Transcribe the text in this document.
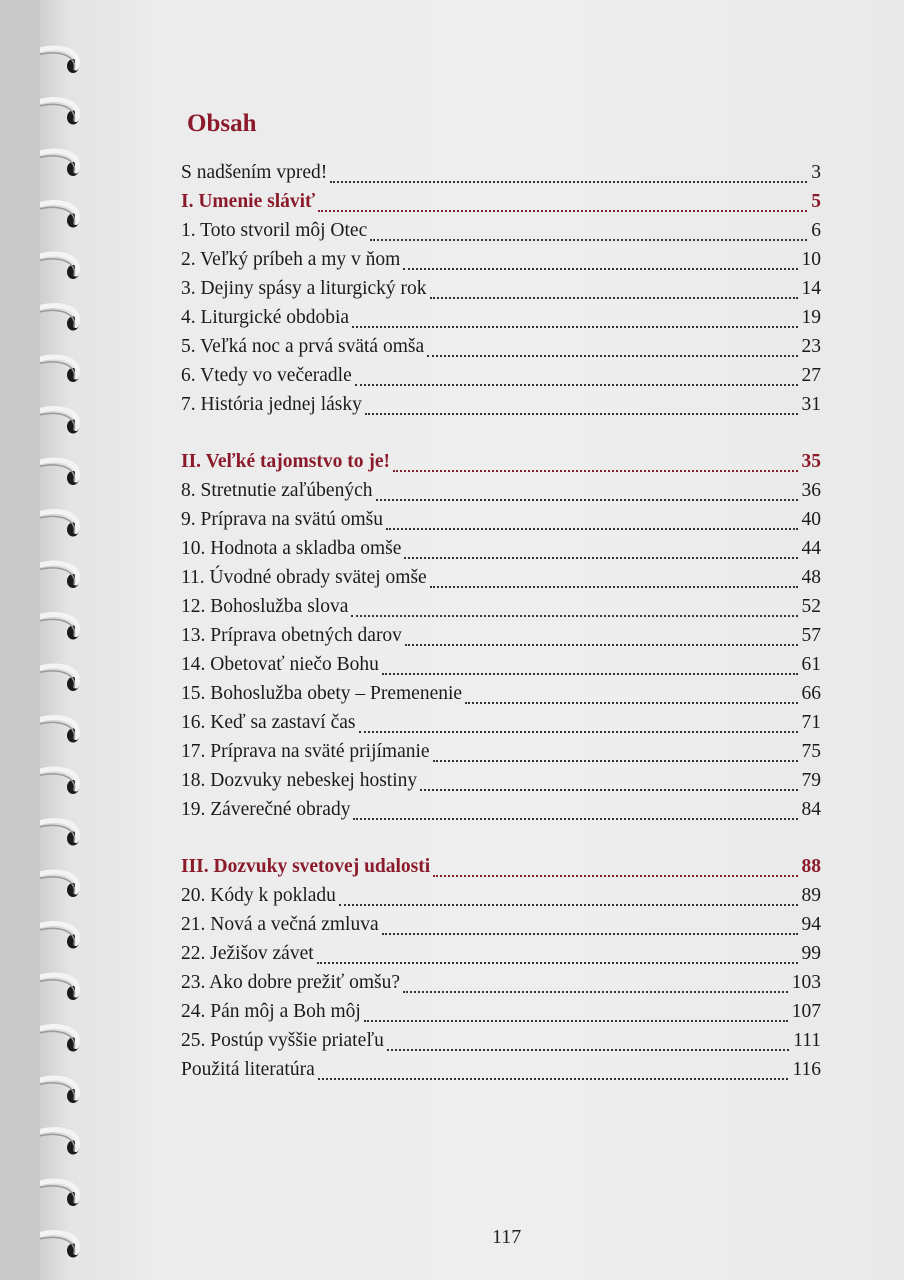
Obsah
S nadšením vpred!	3
I. Umenie sláviť	5
1. Toto stvoril môj Otec	6
2. Veľký príbeh a my v ňom	10
3. Dejiny spásy a liturgický rok	14
4. Liturgické obdobia	19
5. Veľká noc a prvá svätá omša	23
6. Vtedy vo večeradle	27
7. História jednej lásky	31
II. Veľké tajomstvo to je!	35
8. Stretnutie zaľúbených	36
9. Príprava na svätú omšu	40
10. Hodnota a skladba omše	44
11. Úvodné obrady svätej omše	48
12. Bohoslužba slova	52
13. Príprava obetných darov	57
14. Obetovať niečo Bohu	61
15. Bohoslužba obety – Premenenie	66
16. Keď sa zastaví čas	71
17. Príprava na sväté prijímanie	75
18. Dozvuky nebeskej hostiny	79
19. Záverečné obrady	84
III. Dozvuky svetovej udalosti	88
20. Kódy k pokladu	89
21. Nová a večná zmluva	94
22. Ježišov závet	99
23. Ako dobre prežiť omšu?	103
24. Pán môj a Boh môj	107
25. Postúp vyššie priateľu	111
Použitá literatúra	116
117
